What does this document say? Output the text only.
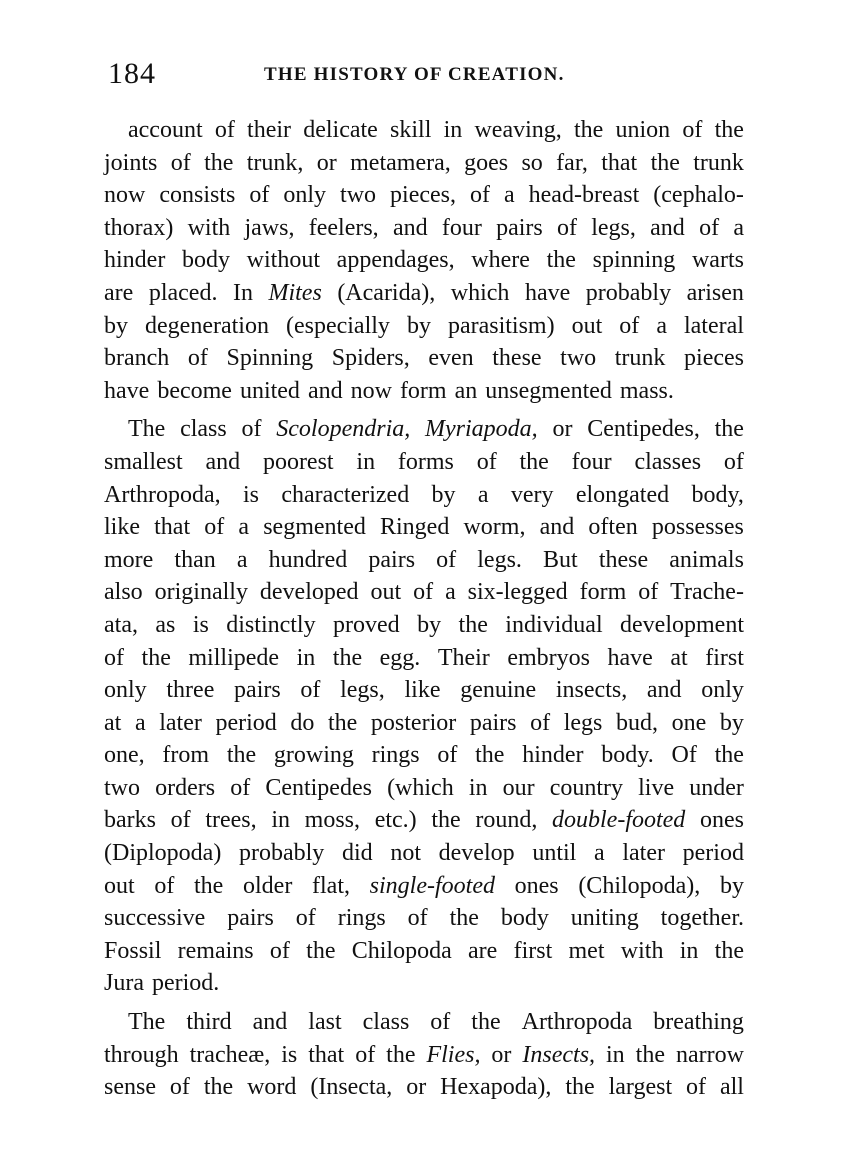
184	THE HISTORY OF CREATION.
account of their delicate skill in weaving, the union of the
joints of the trunk, or metamera, goes so far, that the trunk
now consists of only two pieces, of a head-breast (cephalo-
thorax) with jaws, feelers, and four pairs of legs, and of a
hinder body without appendages, where the spinning warts
are placed. In Mites (Acarida), which have probably arisen
by degeneration (especially by parasitism) out of a lateral
branch of Spinning Spiders, even these two trunk pieces
have become united and now form an unsegmented mass.
The class of Scolopendria, Myriapoda, or Centipedes, the
smallest and poorest in forms of the four classes of
Arthropoda, is characterized by a very elongated body,
like that of a segmented Ringed worm, and often possesses
more than a hundred pairs of legs. But these animals
also originally developed out of a six-legged form of Trache-
ata, as is distinctly proved by the individual development
of the millipede in the egg. Their embryos have at first
only three pairs of legs, like genuine insects, and only
at a later period do the posterior pairs of legs bud, one by
one, from the growing rings of the hinder body. Of the
two orders of Centipedes (which in our country live under
barks of trees, in moss, etc.) the round, double-footed ones
(Diplopoda) probably did not develop until a later period
out of the older flat, single-footed ones (Chilopoda), by
successive pairs of rings of the body uniting together.
Fossil remains of the Chilopoda are first met with in the
Jura period.
The third and last class of the Arthropoda breathing
through tracheæ, is that of the Flies, or Insects, in the narrow
sense of the word (Insecta, or Hexapoda), the largest of all
